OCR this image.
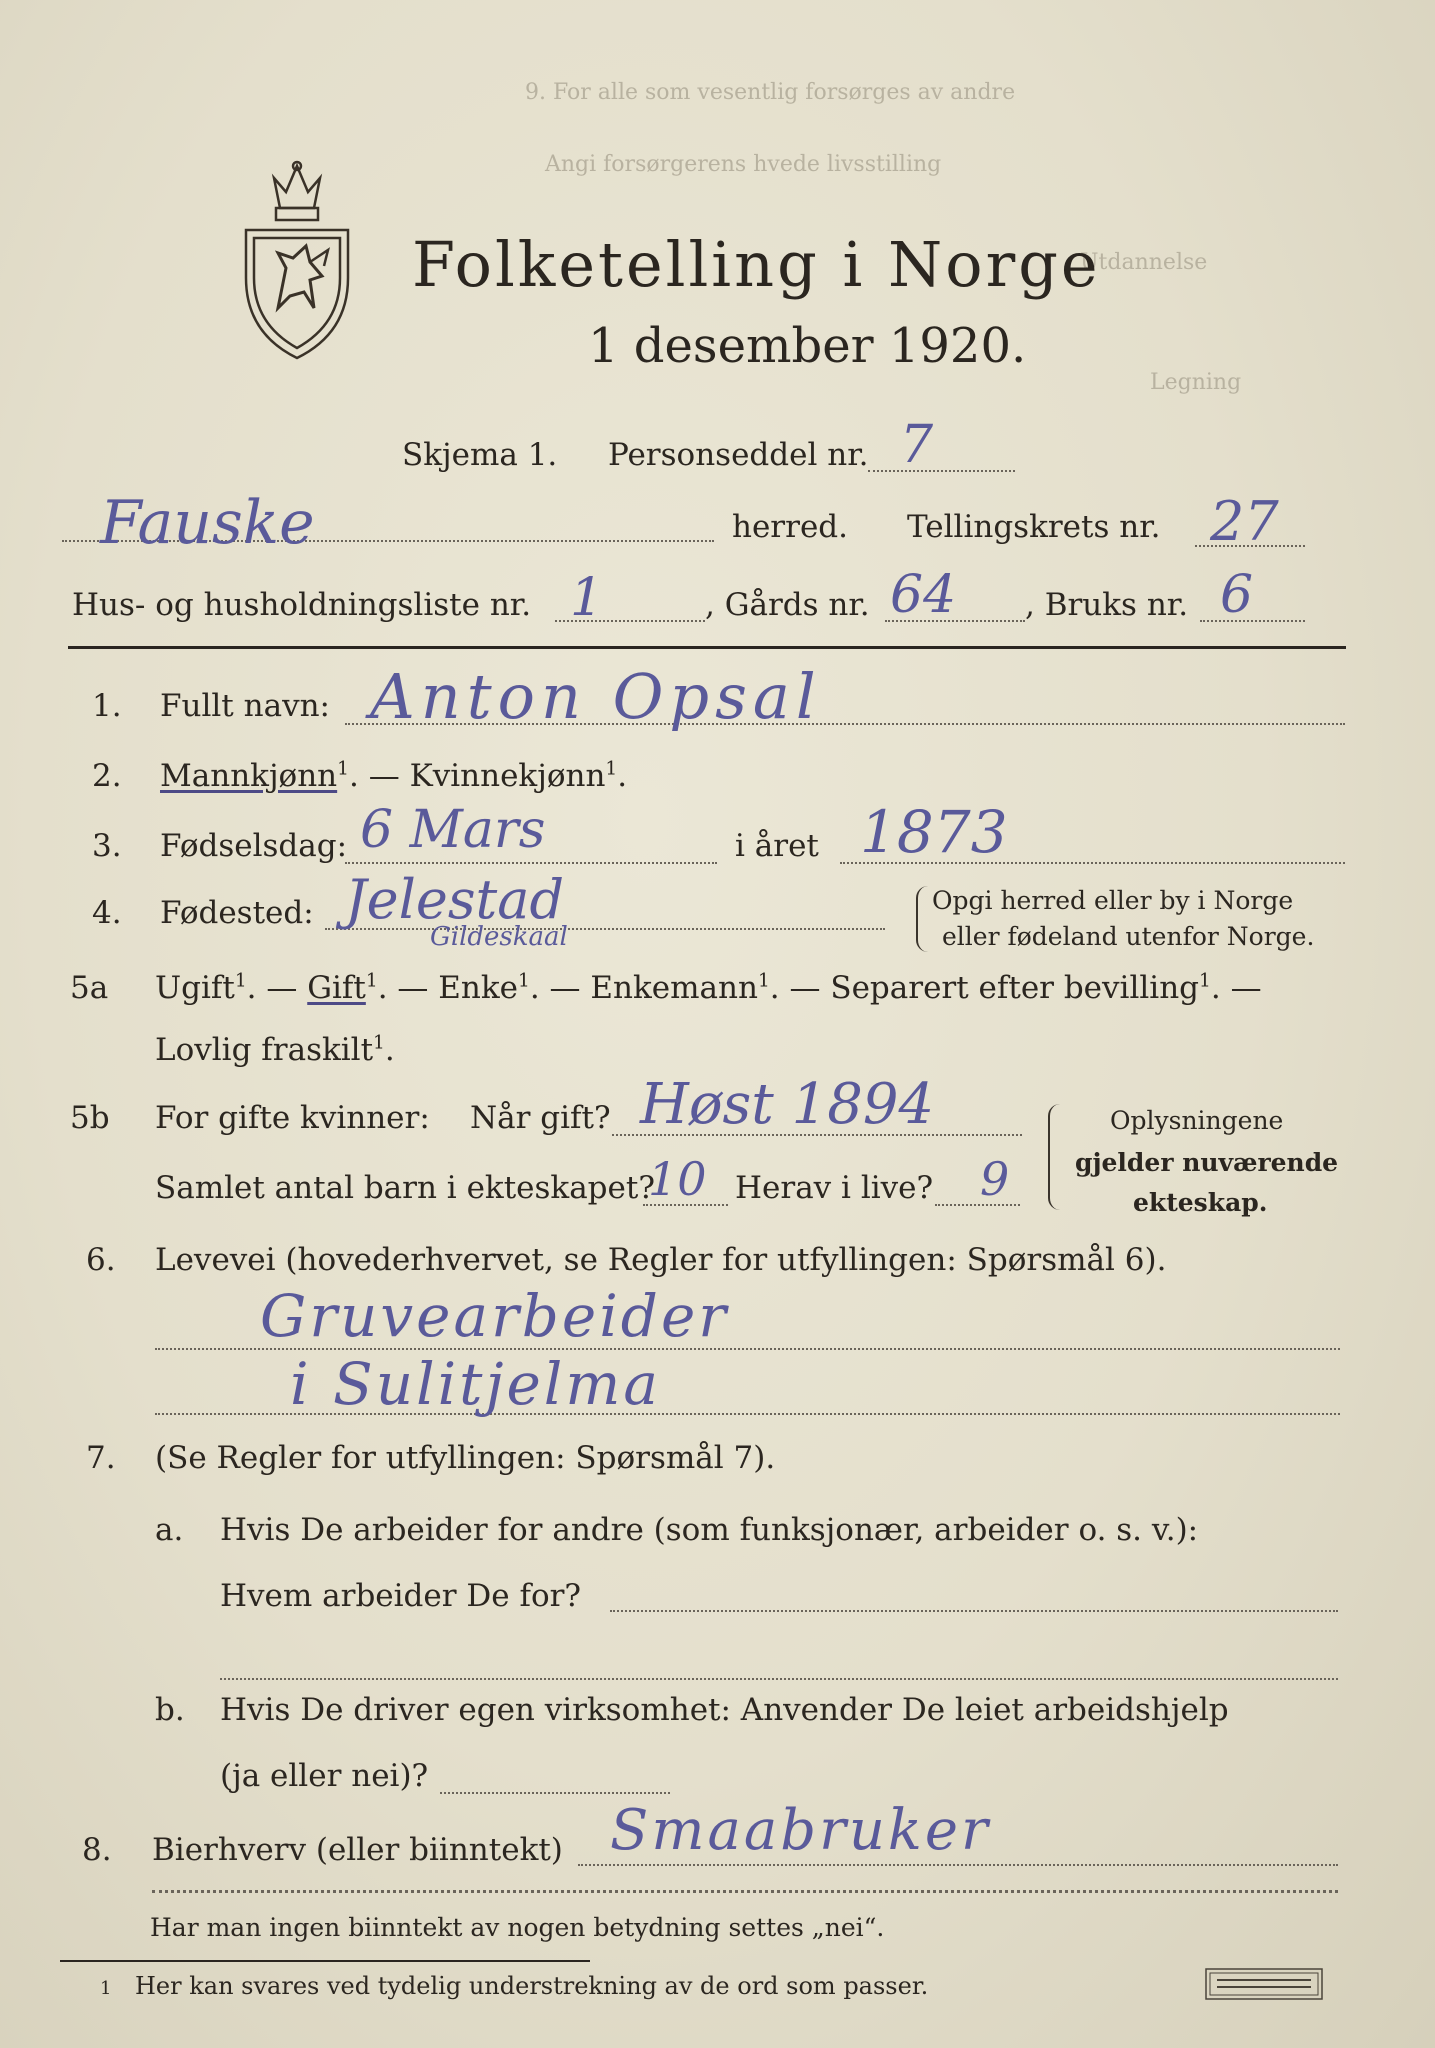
9. For alle som vesentlig forsørges av andre
Angi forsørgerens hvede livsstilling
Utdannelse
Legning
Folketelling i Norge
1 desember 1920.
Skjema 1. Personseddel nr. 7
Fauske	herred. Tellingskrets nr. 27
Hus- og husholdningsliste nr. 1	, Gårds nr. 64 , Bruks nr. 6
1. Fullt navn: Anton Opsal
2. Mannkjønn$^1$. — Kvinnekjønn$^1$.
3. Fødselsdag: 6 Mars	i året 1873
4. Fødested: Jelestad
Gildeskaal
Opgi herred eller by i Norge
eller fødeland utenfor Norge.
5a Ugift$^1$. — Gift$^1$. — Enke$^1$. — Enkemann$^1$. — Separert efter bevilling$^1$. —
Lovlig fraskilt$^1$.
5b For gifte kvinner: Når gift? Høst 1894
Samlet antal barn i ekteskapet?
10 Herav i live? 9
Oplysningene
gjelder nuværende
ekteskap.
6. Levevei (hovederhvervet, se Regler for utfyllingen: Spørsmål 6).
Gruvearbeider
i Sulitjelma
7. (Se Regler for utfyllingen: Spørsmål 7).
a. Hvis De arbeider for andre (som funksjonær, arbeider o. s. v.):
Hvem arbeider De for?
b. Hvis De driver egen virksomhet: Anvender De leiet arbeidshjelp
(ja eller nei)?
8. Bierhverv (eller biinntekt) Smaabruker
Har man ingen biinntekt av nogen betydning settes „nei“.
1 Her kan svares ved tydelig understrekning av de ord som passer.
